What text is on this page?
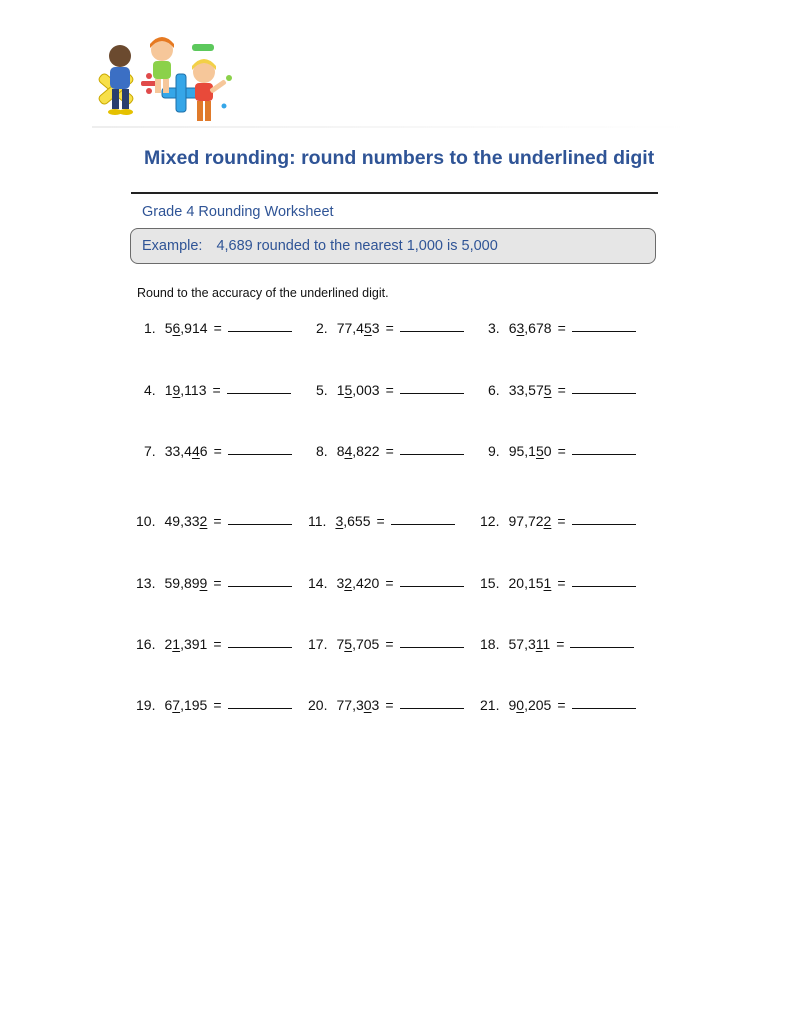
Mixed rounding: round numbers to the underlined digit
Grade 4 Rounding Worksheet
Example: 4,689 rounded to the nearest 1,000 is 5,000
Round to the accuracy of the underlined digit.
1. 56,914 =	2. 77,453 =	3. 63,678 =
4. 19,113 =	5. 15,003 =	6. 33,575 =
7. 33,446 =	8. 84,822 =	9. 95,150 =
10. 49,332 =	11. 3,655 =	12. 97,722 =
13. 59,899 =	14. 32,420 =	15. 20,151 =
16. 21,391 =	17. 75,705 =	18. 57,311 =
19. 67,195 =	20. 77,303 =	21. 90,205 =
